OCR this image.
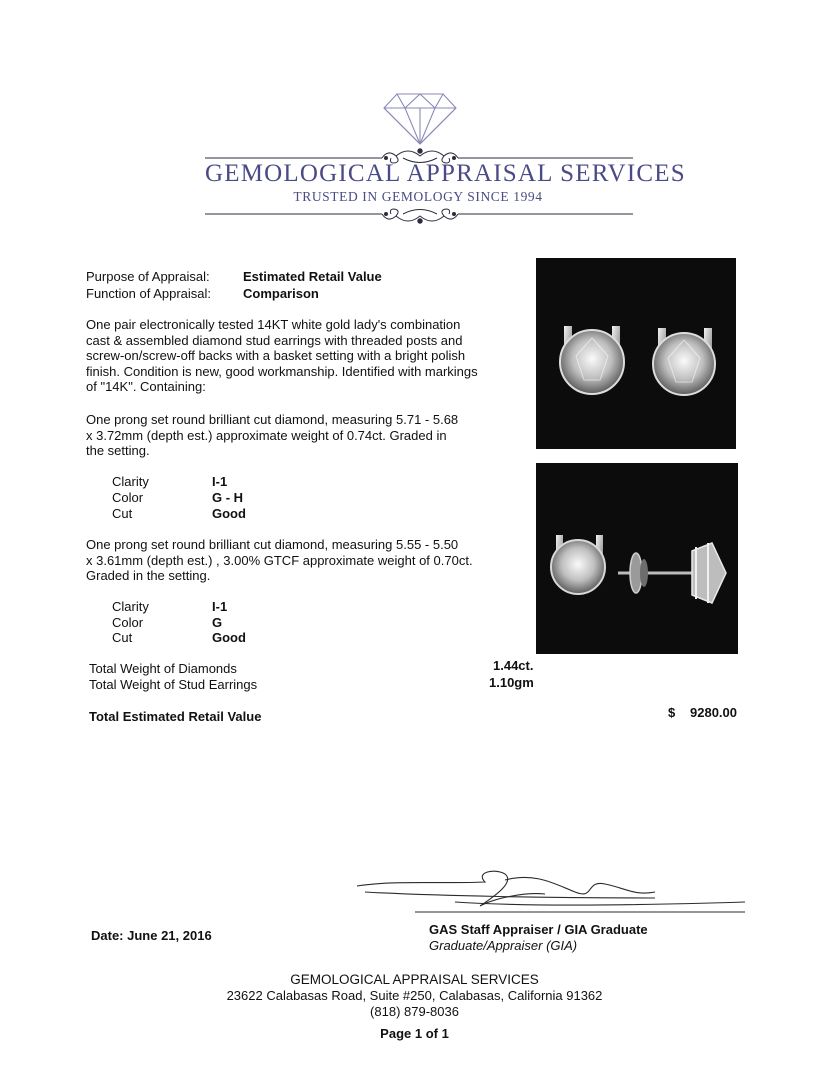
GEMOLOGICAL APPRAISAL SERVICES
TRUSTED IN GEMOLOGY SINCE 1994
Purpose of Appraisal:	Estimated Retail Value
Function of Appraisal: Comparison
One pair electronically tested 14KT white gold lady's combination
cast & assembled diamond stud earrings with threaded posts and
screw-on/screw-off backs with a basket setting with a bright polish
finish. Condition is new, good workmanship. Identified with markings
of "14K". Containing:
One prong set round brilliant cut diamond, measuring 5.71 - 5.68
x 3.72mm (depth est.) approximate weight of 0.74ct. Graded in
the setting.
Clarity	I-1
Color	G - H
Cut	Good
One prong set round brilliant cut diamond, measuring 5.55 - 5.50
x 3.61mm (depth est.) , 3.00% GTCF approximate weight of 0.70ct.
Graded in the setting.
Clarity	I-1
Color	G
Cut	Good
Total Weight of Diamonds	1.44ct.
Total Weight of Stud Earrings	1.10gm
Total Estimated Retail Value	$ 9280.00
Date: June 21, 2016	GAS Staff Appraiser / GIA Graduate
Graduate/Appraiser (GIA)
GEMOLOGICAL APPRAISAL SERVICES
23622 Calabasas Road, Suite #250, Calabasas, California 91362
(818) 879-8036
Page 1 of 1
